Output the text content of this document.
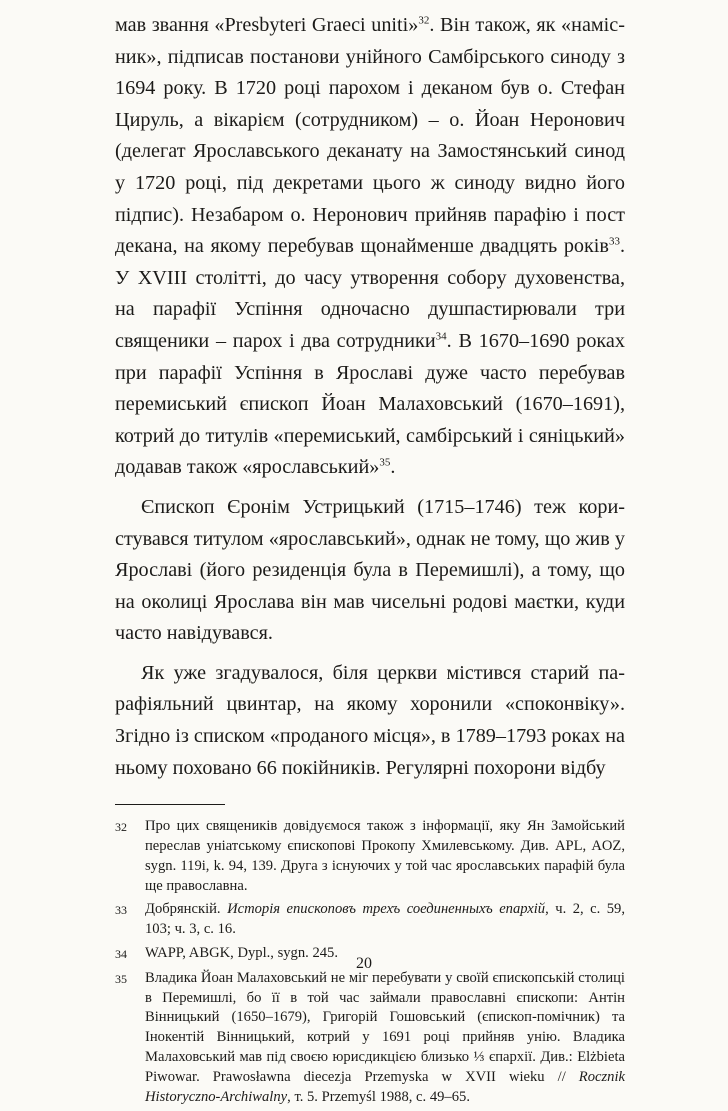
мав звання «Presbyteri Graeci uniti»$^{32}$. Він також, як «намісник», підписав постанови унійного Самбірського синоду з 1694 року. В 1720 році парохом і деканом був о. Стефан Цируль, а вікарієм (сотрудником) – о. Йоан Неронович (делегат Ярославського деканату на Замостянський синод у 1720 році, під декретами цього ж синоду видно його підпис). Незабаром о. Неронович прийняв парафію і пост декана, на якому перебував щонайменше двадцять років$^{33}$. У XVIII столітті, до часу утворення собору духовенства, на парафії Успіння одночасно душпастирювали три священики – парох і два сотрудники$^{34}$. В 1670–1690 роках при парафії Успіння в Ярославі дуже часто перебував перемиський єпископ Йоан Малаховський (1670–1691), котрий до титулів «перемиський, самбірський і сяніцький» додавав також «ярославський»$^{35}$.

Єпископ Єронім Устрицький (1715–1746) теж користувався титулом «ярославський», однак не тому, що жив у Ярославі (його резиденція була в Перемишлі), а тому, що на околиці Ярослава він мав чисельні родові маєтки, куди часто навідувався.

Як уже згадувалося, біля церкви містився старий парафіяльний цвинтар, на якому хоронили «споконвіку». Згідно із списком «проданого місця», в 1789–1793 роках на ньому поховано 66 покійників. Регулярні похорони відбу

32	Про цих священиків довідуємося також з інформації, яку Ян Замойський переслав уніатському єпископові Прокопу Хмилевському. Див. APL, AOZ, sygn. 119i, k. 94, 139. Друга з існуючих у той час ярославських парафій була ще православна.
33	Добрянскій. Исторія епископовъ трехъ соединенныхъ епархій, ч. 2, с. 59, 103; ч. 3, с. 16.
34	WAPP, ABGK, Dypl., sygn. 245.
35	Владика Йоан Малаховський не міг перебувати у своїй єпископській столиці в Перемишлі, бо її в той час займали православні єпископи: Антін Вінницький (1650–1679), Григорій Гошовський (єпископ-помічник) та Інокентій Вінницький, котрий у 1691 році прийняв унію. Владика Малаховський мав під своєю юрисдикцією близько ⅓ єпархії. Див.: Elżbieta Piwowar. Prawosławna diecezja Przemyska w XVII wieku // Rocznik Historyczno-Archiwalny, т. 5. Przemyśl 1988, с. 49–65.
20
